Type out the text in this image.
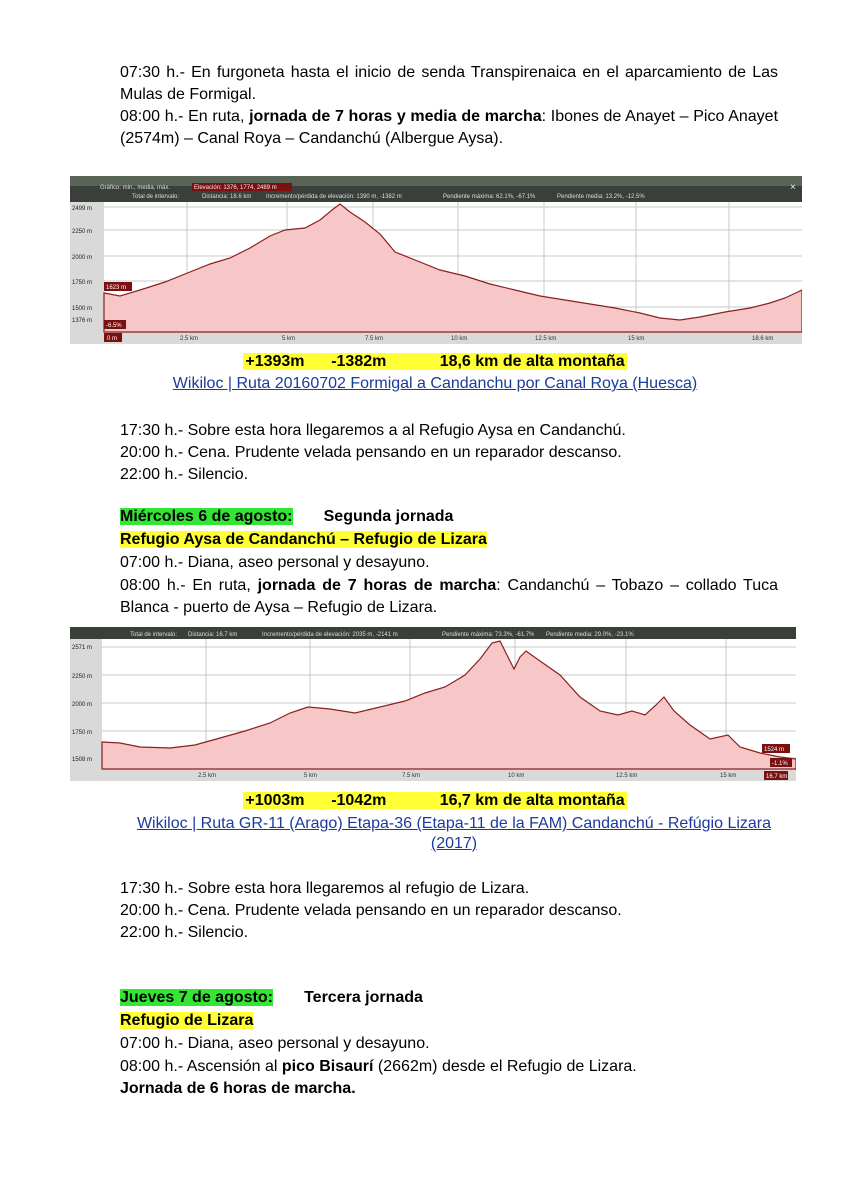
07:30 h.- En furgoneta hasta el inicio de senda Transpirenaica en el aparcamiento de Las Mulas de Formigal.
08:00 h.- En ruta, jornada de 7 horas y media de marcha: Ibones de Anayet – Pico Anayet (2574m) – Canal Roya – Candanchú (Albergue Aysa).
Gráfico: min., media, máx.	Elevación: 1376, 1774, 2489 m	×
Total de intervalo:	Distancia: 18.6 km Incremento/pérdida de elevación: 1390 m, -1382 m	Pendiente máxima: 62.1%, -67.1%	Pendiente media: 13.2%, -12.5%
2499 m
2250 m
2000 m
1750 m
1500 m
1376 m
1623 m
-6.5%
0 m	2.5 km	5 km	7.5 km	10 km	12.5 km	15 km	18.6 km
+1393m -1382m	18,6 km de alta montaña
Wikiloc | Ruta 20160702 Formigal a Candanchu por Canal Roya (Huesca)
17:30 h.- Sobre esta hora llegaremos a al Refugio Aysa en Candanchú.
20:00 h.- Cena. Prudente velada pensando en un reparador descanso.
22:00 h.- Silencio.
Miércoles 6 de agosto: Segunda jornada
Refugio Aysa de Candanchú – Refugio de Lizara
07:00 h.- Diana, aseo personal y desayuno.
08:00 h.- En ruta, jornada de 7 horas de marcha: Candanchú – Tobazo – collado Tuca Blanca - puerto de Aysa – Refugio de Lizara.
Total de intervalo: Distancia: 16.7 km	Incremento/pérdida de elevación: 2035 m, -2141 m	Pendiente máxima: 73.3%, -61.7% Pendiente media: 29.0%, -23.1%
2571 m
2250 m
2000 m
1750 m
1508 m
1524 m
-1.1%
2.5 km	5 km	7.5 km	10 km	12.5 km	15 km	16.7 km
+1003m -1042m	16,7 km de alta montaña
Wikiloc | Ruta GR-11 (Arago) Etapa-36 (Etapa-11 de la FAM) Candanchú - Refúgio Lizara (2017)
17:30 h.- Sobre esta hora llegaremos al refugio de Lizara.
20:00 h.- Cena. Prudente velada pensando en un reparador descanso.
22:00 h.- Silencio.
Jueves 7 de agosto: Tercera jornada
Refugio de Lizara
07:00 h.- Diana, aseo personal y desayuno.
08:00 h.- Ascensión al pico Bisaurí (2662m) desde el Refugio de Lizara.
Jornada de 6 horas de marcha.
